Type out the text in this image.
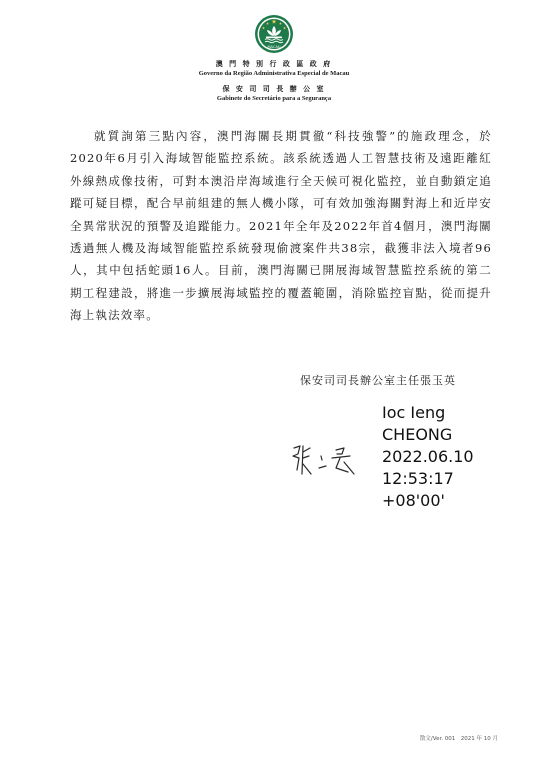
MACAU
澳 門 特 別 行 政 區 政 府
Governo da Região Administrativa Especial de Macau
保 安 司 司 長 辦 公 室
Gabinete do Secretário para a Segurança

就質詢第三點內容，澳門海關長期貫徹“科技強警”的施政理念，於2020年6月引入海域智能監控系統。該系統透過人工智慧技術及遠距離紅外線熱成像技術，可對本澳沿岸海域進行全天候可視化監控，並自動鎖定追蹤可疑目標，配合早前組建的無人機小隊，可有效加強海關對海上和近岸安全異常狀況的預警及追蹤能力。2021年全年及2022年首4個月，澳門海關透過無人機及海域智能監控系統發現偷渡案件共38宗，截獲非法入境者96人，其中包括蛇頭16人。目前，澳門海關已開展海域智慧監控系統的第二期工程建設，將進一步擴展海域監控的覆蓋範圍，消除監控盲點，從而提升海上執法效率。

保安司司長辦公室主任張玉英
Ioc Ieng
CHEONG
2022.06.10
12:53:17
+08'00'
散文/Ver. 001　2021 年 10 月
